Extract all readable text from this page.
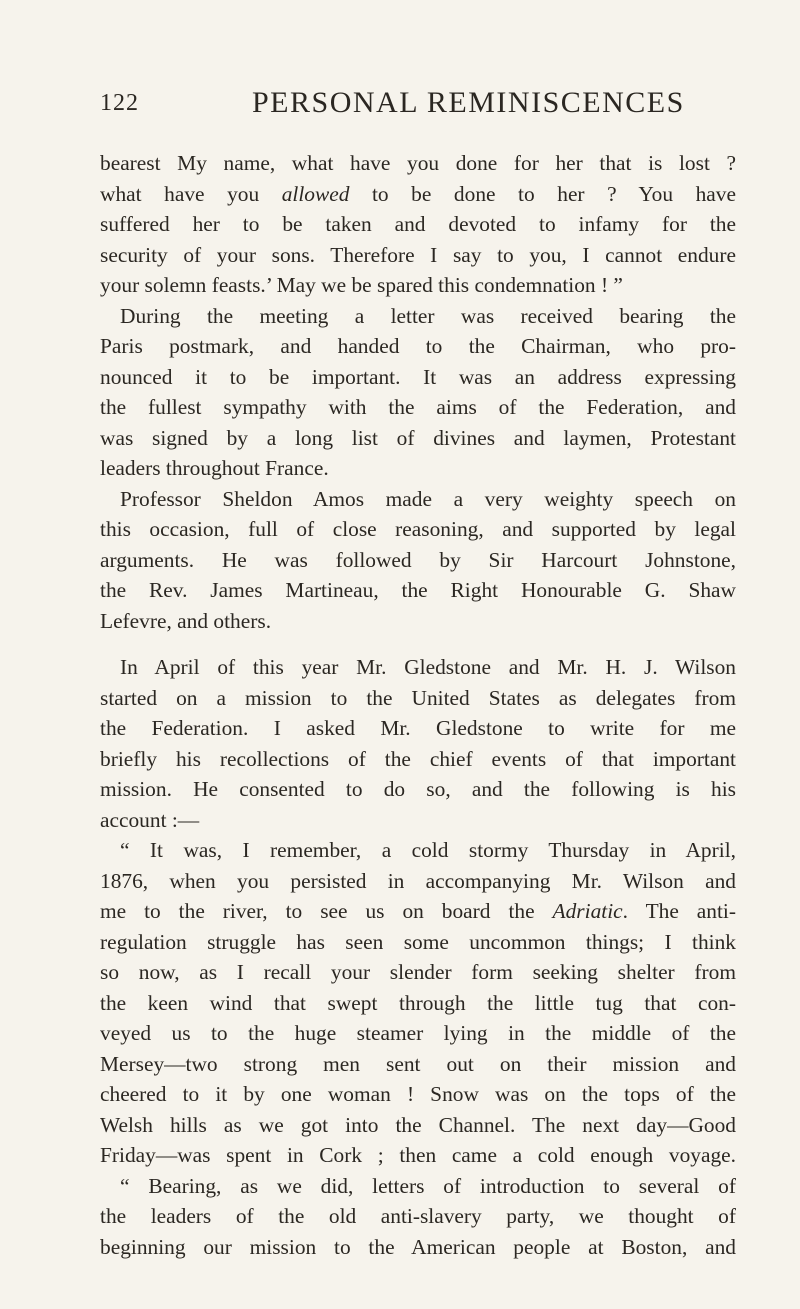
122	PERSONAL REMINISCENCES
bearest My name, what have you done for her that is lost ?
what have you allowed to be done to her ? You have
suffered her to be taken and devoted to infamy for the
security of your sons. Therefore I say to you, I cannot endure
your solemn feasts.’ May we be spared this condemnation ! ”
During the meeting a letter was received bearing the
Paris postmark, and handed to the Chairman, who pro-
nounced it to be important. It was an address expressing
the fullest sympathy with the aims of the Federation, and
was signed by a long list of divines and laymen, Protestant
leaders throughout France.
Professor Sheldon Amos made a very weighty speech on
this occasion, full of close reasoning, and supported by legal
arguments. He was followed by Sir Harcourt Johnstone,
the Rev. James Martineau, the Right Honourable G. Shaw
Lefevre, and others.
In April of this year Mr. Gledstone and Mr. H. J. Wilson
started on a mission to the United States as delegates from
the Federation. I asked Mr. Gledstone to write for me
briefly his recollections of the chief events of that important
mission. He consented to do so, and the following is his
account :—
“ It was, I remember, a cold stormy Thursday in April,
1876, when you persisted in accompanying Mr. Wilson and
me to the river, to see us on board the Adriatic. The anti-
regulation struggle has seen some uncommon things; I think
so now, as I recall your slender form seeking shelter from
the keen wind that swept through the little tug that con-
veyed us to the huge steamer lying in the middle of the
Mersey—two strong men sent out on their mission and
cheered to it by one woman ! Snow was on the tops of the
Welsh hills as we got into the Channel. The next day—Good
Friday—was spent in Cork ; then came a cold enough voyage.
“ Bearing, as we did, letters of introduction to several of
the leaders of the old anti-slavery party, we thought of
beginning our mission to the American people at Boston, and
